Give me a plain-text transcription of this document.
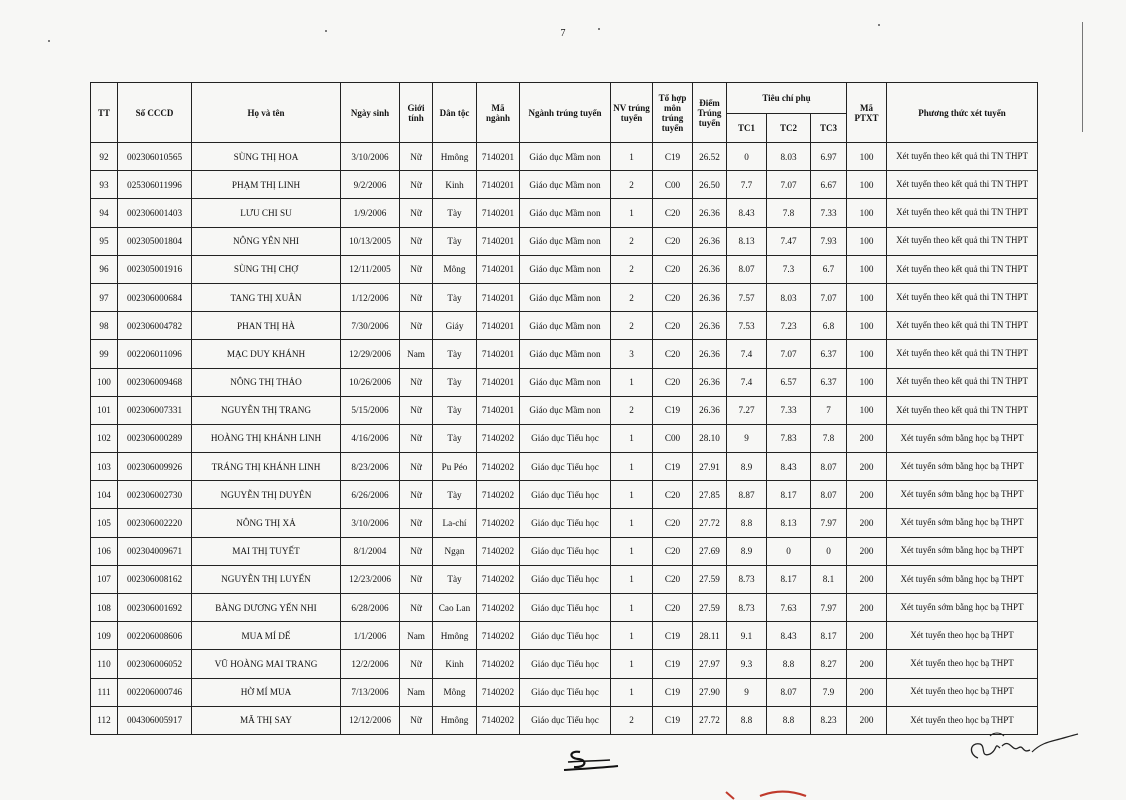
7
TT	Số CCCD	Họ và tên	Ngày sinh	Giới tính	Dân tộc	Mã ngành	Ngành trúng tuyển	NV trúng tuyển	Tổ hợp môn trúng tuyển	Điểm Trúng tuyển	Tiêu chí phụ			Mã PTXT	Phương thức xét tuyển
											TC1	TC2	TC3		
92	002306010565	SÙNG THỊ HOA	3/10/2006	Nữ	Hmông	7140201	Giáo dục Mầm non	1	C19	26.52	0	8.03	6.97	100	Xét tuyển theo kết quả thi TN THPT
93	025306011996	PHẠM THỊ LINH	9/2/2006	Nữ	Kinh	7140201	Giáo dục Mầm non	2	C00	26.50	7.7	7.07	6.67	100	Xét tuyển theo kết quả thi TN THPT
94	002306001403	LƯU CHI SU	1/9/2006	Nữ	Tày	7140201	Giáo dục Mầm non	1	C20	26.36	8.43	7.8	7.33	100	Xét tuyển theo kết quả thi TN THPT
95	002305001804	NÔNG YÊN NHI	10/13/2005	Nữ	Tày	7140201	Giáo dục Mầm non	2	C20	26.36	8.13	7.47	7.93	100	Xét tuyển theo kết quả thi TN THPT
96	002305001916	SÙNG THỊ CHỢ	12/11/2005	Nữ	Mông	7140201	Giáo dục Mầm non	2	C20	26.36	8.07	7.3	6.7	100	Xét tuyển theo kết quả thi TN THPT
97	002306000684	TANG THỊ XUÂN	1/12/2006	Nữ	Tày	7140201	Giáo dục Mầm non	2	C20	26.36	7.57	8.03	7.07	100	Xét tuyển theo kết quả thi TN THPT
98	002306004782	PHAN THỊ HÀ	7/30/2006	Nữ	Giáy	7140201	Giáo dục Mầm non	2	C20	26.36	7.53	7.23	6.8	100	Xét tuyển theo kết quả thi TN THPT
99	002206011096	MẠC DUY KHÁNH	12/29/2006	Nam	Tày	7140201	Giáo dục Mầm non	3	C20	26.36	7.4	7.07	6.37	100	Xét tuyển theo kết quả thi TN THPT
100	002306009468	NÔNG THỊ THẢO	10/26/2006	Nữ	Tày	7140201	Giáo dục Mầm non	1	C20	26.36	7.4	6.57	6.37	100	Xét tuyển theo kết quả thi TN THPT
101	002306007331	NGUYỄN THỊ TRANG	5/15/2006	Nữ	Tày	7140201	Giáo dục Mầm non	2	C19	26.36	7.27	7.33	7	100	Xét tuyển theo kết quả thi TN THPT
102	002306000289	HOÀNG THỊ KHÁNH LINH	4/16/2006	Nữ	Tày	7140202	Giáo dục Tiểu học	1	C00	28.10	9	7.83	7.8	200	Xét tuyển sớm bằng học bạ THPT
103	002306009926	TRÁNG THỊ KHÁNH LINH	8/23/2006	Nữ	Pu Péo	7140202	Giáo dục Tiểu học	1	C19	27.91	8.9	8.43	8.07	200	Xét tuyển sớm bằng học bạ THPT
104	002306002730	NGUYỄN THỊ DUYÊN	6/26/2006	Nữ	Tày	7140202	Giáo dục Tiểu học	1	C20	27.85	8.87	8.17	8.07	200	Xét tuyển sớm bằng học bạ THPT
105	002306002220	NÔNG THỊ XẢ	3/10/2006	Nữ	La-chí	7140202	Giáo dục Tiểu học	1	C20	27.72	8.8	8.13	7.97	200	Xét tuyển sớm bằng học bạ THPT
106	002304009671	MAI THỊ TUYẾT	8/1/2004	Nữ	Ngạn	7140202	Giáo dục Tiểu học	1	C20	27.69	8.9	0	0	200	Xét tuyển sớm bằng học bạ THPT
107	002306008162	NGUYỄN THỊ LUYẾN	12/23/2006	Nữ	Tày	7140202	Giáo dục Tiểu học	1	C20	27.59	8.73	8.17	8.1	200	Xét tuyển sớm bằng học bạ THPT
108	002306001692	BÀNG DƯƠNG YẾN NHI	6/28/2006	Nữ	Cao Lan	7140202	Giáo dục Tiểu học	1	C20	27.59	8.73	7.63	7.97	200	Xét tuyển sớm bằng học bạ THPT
109	002206008606	MUA MÍ DẾ	1/1/2006	Nam	Hmông	7140202	Giáo dục Tiểu học	1	C19	28.11	9.1	8.43	8.17	200	Xét tuyển theo học bạ THPT
110	002306006052	VŨ HOÀNG MAI TRANG	12/2/2006	Nữ	Kinh	7140202	Giáo dục Tiểu học	1	C19	27.97	9.3	8.8	8.27	200	Xét tuyển theo học bạ THPT
111	002206000746	HỜ MÍ MUA	7/13/2006	Nam	Mông	7140202	Giáo dục Tiểu học	1	C19	27.90	9	8.07	7.9	200	Xét tuyển theo học bạ THPT
112	004306005917	MÃ THỊ SAY	12/12/2006	Nữ	Hmông	7140202	Giáo dục Tiểu học	2	C19	27.72	8.8	8.8	8.23	200	Xét tuyển theo học bạ THPT
